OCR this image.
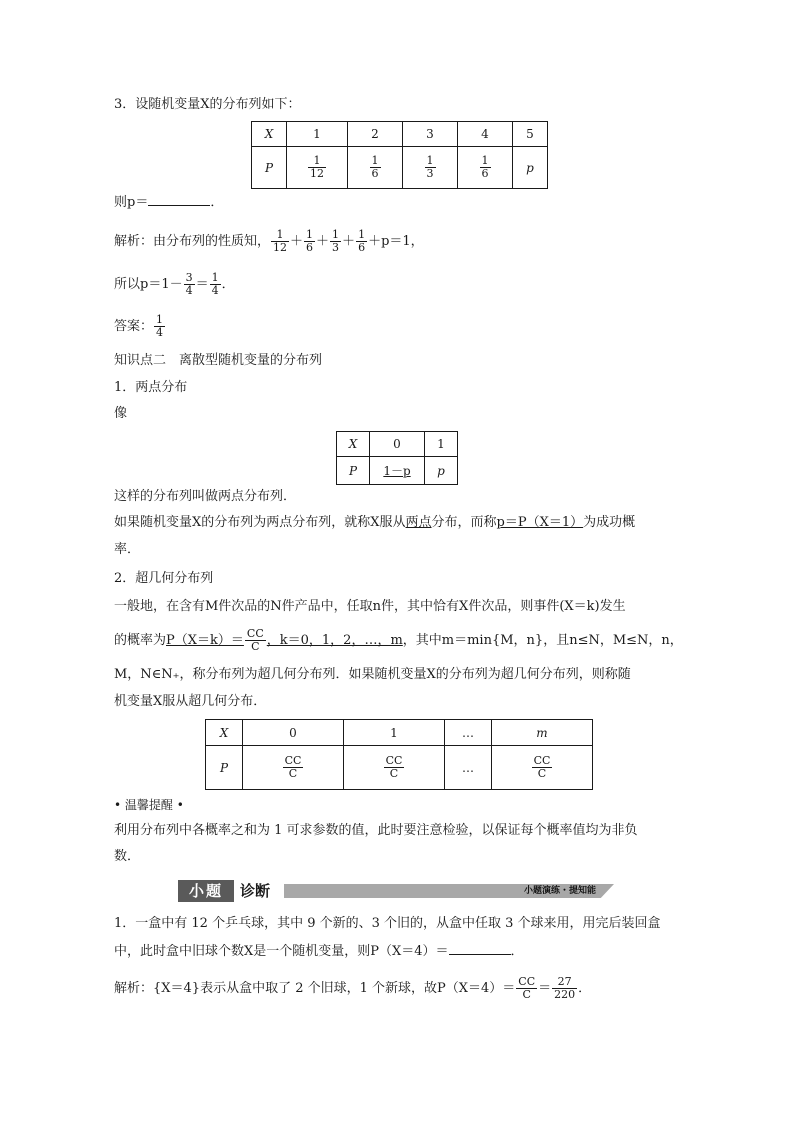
3．设随机变量X的分布列如下：
X	1	2	3	4	5
P	$\frac{1}{12}$	$\frac{1}{6}$	$\frac{1}{3}$	$\frac{1}{6}$	p
则p＝	．
解析：由分布列的性质知， $\frac{1}{12} + \frac{1}{6} + \frac{1}{3} + \frac{1}{6} +p=1$，
所以$p=1- \frac{3}{4} = \frac{1}{4}$ ．
答案： $\frac{1}{4}$
知识点二　离散型随机变量的分布列
1．两点分布
像
X	0	1
P	1－p	p
这样的分布列叫做两点分布列．
如果随机变量X的分布列为两点分布列，就称X服从两点分布，而称p＝P（X＝1）为成功概
率．
2．超几何分布列
一般地，在含有M件次品的N件产品中，任取n件，其中恰有X件次品，则事件(X＝k)发生
的概率为$P(X=k)= \frac{CC}{C}$ ，k＝0，1，2，…，m，其中m＝min{M，n}，且n≤N，M≤N，n，
M，N∈N₊，称分布列为超几何分布列．如果随机变量X的分布列为超几何分布列，则称随
机变量X服从超几何分布．
X	0	1	…	m
P	$\frac{CC}{C}$	$\frac{CC}{C}$	…	$\frac{CC}{C}$
• 温馨提醒 •
利用分布列中各概率之和为 1 可求参数的值，此时要注意检验，以保证每个概率值均为非负
数．
小题	诊断	小题演练・提知能
1．一盒中有 12 个乒乓球，其中 9 个新的、3 个旧的，从盒中任取 3 个球来用，用完后装回盒
中，此时盒中旧球个数X是一个随机变量，则P（X＝4）＝	．
解析：{X＝4}表示从盒中取了 2 个旧球，1 个新球，故$P(X=4)= \frac{CC}{C} = \frac{27}{220}$ ．
